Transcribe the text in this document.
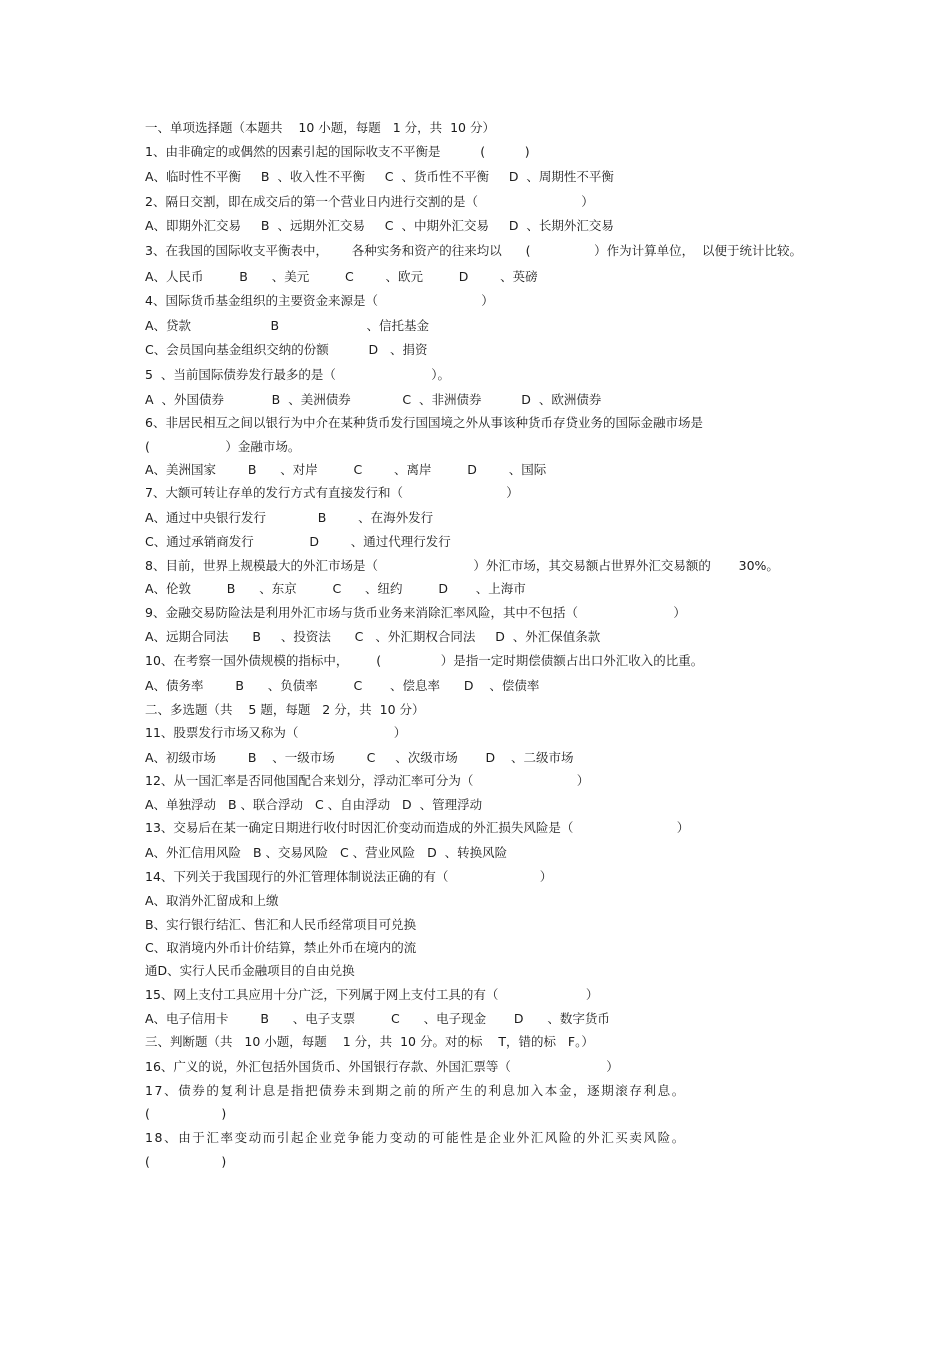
一、单项选择题（本题共    10 小题，每题   1 分，共  10 分）

1、由非确定的或偶然的因素引起的国际收支不平衡是          (          )

A、临时性不平衡     B  、收入性不平衡     C  、货币性不平衡     D  、周期性不平衡

2、隔日交割，即在成交后的第一个营业日内进行交割的是（                          ）

A、即期外汇交易     B  、远期外汇交易     C  、中期外汇交易     D  、长期外汇交易

3、在我国的国际收支平衡表中，      各种实务和资产的往来均以      (                ）作为计算单位，  以便于统计比较。

A、人民币         B      、美元         C        、欧元         D        、英磅

4、国际货币基金组织的主要资金来源是（                          ）

A、贷款                    B                      、信托基金

C、会员国向基金组织交纳的份额          D   、捐资

5  、当前国际债券发行最多的是（                        ）。

A  、外国债券            B  、美洲债券             C  、非洲债券          D  、欧洲债券

6、非居民相互之间以银行为中介在某种货币发行国国境之外从事该种货币存贷业务的国际金融市场是

(                   ）金融市场。

A、美洲国家        B      、对岸         C        、离岸         D        、国际

7、大额可转让存单的发行方式有直接发行和（                          ）

A、通过中央银行发行             B        、在海外发行

C、通过承销商发行              D        、通过代理行发行

8、目前，世界上规模最大的外汇市场是（                        ）外汇市场，其交易额占世界外汇交易额的       30%。

A、伦敦         B      、东京         C      、纽约         D       、上海市

9、金融交易防险法是利用外汇市场与货币业务来消除汇率风险，其中不包括（                        ）

A、远期合同法      B     、投资法      C   、外汇期权合同法     D  、外汇保值条款

10、在考察一国外债规模的指标中，       (               ）是指一定时期偿债额占出口外汇收入的比重。

A、债务率        B      、负债率         C       、偿息率      D    、偿债率

二、多选题（共    5 题，每题   2 分，共  10 分）

11、股票发行市场又称为（                        ）

A、初级市场        B    、一级市场        C     、次级市场       D    、二级市场

12、从一国汇率是否同他国配合来划分，浮动汇率可分为（                          ）

A、单独浮动   B 、联合浮动   C 、自由浮动   D  、管理浮动

13、交易后在某一确定日期进行收付时因汇价变动而造成的外汇损失风险是（                          ）

A、外汇信用风险   B 、交易风险   C 、营业风险   D  、转换风险

14、下列关于我国现行的外汇管理体制说法正确的有（                       ）

A、取消外汇留成和上缴

B、实行银行结汇、售汇和人民币经常项目可兑换

C、取消境内外币计价结算，禁止外币在境内的流

通D、实行人民币金融项目的自由兑换

15、网上支付工具应用十分广泛，下列属于网上支付工具的有（                      ）

A、电子信用卡        B      、电子支票         C      、电子现金       D      、数字货币

三、判断题（共   10 小题，每题    1 分，共  10 分。对的标    T，错的标   F。）

16、广义的说，外汇包括外国货币、外国银行存款、外国汇票等（                        ）

17、债券的复利计息是指把债券未到期之前的所产生的利息加入本金，逐期滚存利息。

(                  )

18、由于汇率变动而引起企业竞争能力变动的可能性是企业外汇风险的外汇买卖风险。

(                  )
